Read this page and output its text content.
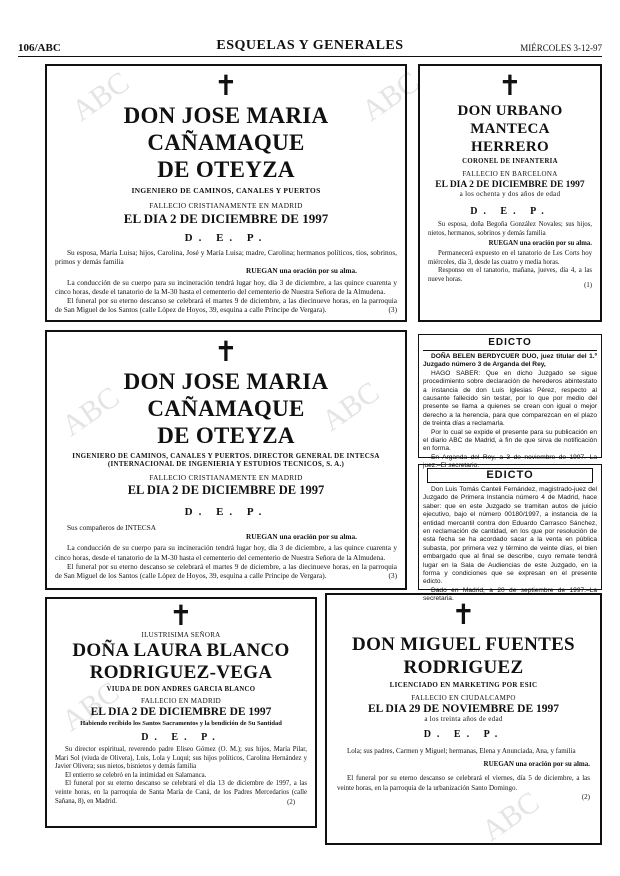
106/ABC	ESQUELAS Y GENERALES	MIÉRCOLES 3-12-97
ABC	ABC
ABC	ABC
ABC
ABC
✝
DON JOSE MARIA CAÑAMAQUE
DE OTEYZA
INGENIERO DE CAMINOS, CANALES Y PUERTOS
FALLECIO CRISTIANAMENTE EN MADRID
EL DIA 2 DE DICIEMBRE DE 1997
D. E. P.
Su esposa, María Luisa; hijos, Carolina, José y María Luisa; madre, Carolina; hermanos políticos, tíos, sobrinos, primos y demás familia
RUEGAN una oración por su alma.
La conducción de su cuerpo para su incineración tendrá lugar hoy, día 3 de diciembre, a las quince cuarenta y cinco horas, desde el tanatorio de la M-30 hasta el cementerio del cementerio de Nuestra Señora de la Almudena.
El funeral por su eterno descanso se celebrará el martes 9 de diciembre, a las diecinueve horas, en la parroquia de San Miguel de los Santos (calle López de Hoyos, 39, esquina a calle Príncipe de Vergara).	(3)
✝
DON URBANO MANTECA
HERRERO
CORONEL DE INFANTERIA
FALLECIO EN BARCELONA
EL DIA 2 DE DICIEMBRE DE 1997
a los ochenta y dos años de edad
D. E. P.
Su esposa, doña Begoña González Novales; sus hijos, nietos, hermanos, sobrinos y demás familia
RUEGAN una oración por su alma.
Permanecerá expuesto en el tanatorio de Les Corts hoy miércoles, día 3, desde las cuatro y media horas.
Responso en el tanatorio, mañana, jueves, día 4, a las nueve horas.
(1)
✝
DON JOSE MARIA CAÑAMAQUE
DE OTEYZA
INGENIERO DE CAMINOS, CANALES Y PUERTOS. DIRECTOR GENERAL DE INTECSA
(INTERNACIONAL DE INGENIERIA Y ESTUDIOS TECNICOS, S. A.)
FALLECIO CRISTIANAMENTE EN MADRID
EL DIA 2 DE DICIEMBRE DE 1997
D. E. P.
Sus compañeros de INTECSA
RUEGAN una oración por su alma.
La conducción de su cuerpo para su incineración tendrá lugar hoy, día 3 de diciembre, a las quince cuarenta y cinco horas, desde el tanatorio de la M-30 hasta el cementerio del cementerio de Nuestra Señora de la Almudena.
El funeral por su eterno descanso se celebrará el martes 9 de diciembre, a las diecinueve horas, en la parroquia de San Miguel de los Santos (calle López de Hoyos, 39, esquina a calle Príncipe de Vergara).	(3)
EDICTO
DOÑA BELEN BERDYCUER DUO, juez titular del 1.º Juzgado número 3 de Arganda del Rey,
HAGO SABER: Que en dicho Juzgado se sigue procedimiento sobre declaración de herederos abintestato a instancia de don Luis Iglesias Pérez, respecto al causante fallecido sin testar, por lo que por medio del presente se llama a quienes se crean con igual o mejor derecho a la herencia, para que comparezcan en el plazo de treinta días a reclamarla.
Por lo cual se expide el presente para su publicación en el diario ABC de Madrid, a fin de que sirva de notificación en forma.
En Arganda del Rey, a 3 de noviembre de 1997.–La juez.–El secretario.
EDICTO
Don Luis Tomás Canteli Fernández, magistrado-juez del Juzgado de Primera Instancia número 4 de Madrid, hace saber: que en este Juzgado se tramitan autos de juicio ejecutivo, bajo el número 00180/1997, a instancia de la entidad mercantil contra don Eduardo Carrasco Sánchez, en reclamación de cantidad, en los que por resolución de esta fecha se ha acordado sacar a la venta en pública subasta, por primera vez y término de veinte días, el bien embargado que al final se describe, cuyo remate tendrá lugar en la Sala de Audiencias de este Juzgado, en la forma y condiciones que se expresan en el presente edicto.
Dado en Madrid, a 20 de septiembre de 1997.–La secretaria.
✝
ILUSTRISIMA SEÑORA
DOÑA LAURA BLANCO
RODRIGUEZ-VEGA
VIUDA DE DON ANDRES GARCIA BLANCO
FALLECIO EN MADRID
EL DIA 2 DE DICIEMBRE DE 1997
Habiendo recibido los Santos Sacramentos y la bendición de Su Santidad
D. E. P.
Su director espiritual, reverendo padre Eliseo Gómez (O. M.); sus hijos, María Pilar, Mari Sol (viuda de Olivera), Luis, Lola y Luqui; sus hijos políticos, Carolina Hernández y Javier Olivera; sus nietos, bisnietos y demás familia
El entierro se celebró en la intimidad en Salamanca.
El funeral por su eterno descanso se celebrará el día 13 de diciembre de 1997, a las veinte horas, en la parroquia de Santa María de Caná, de los Padres Mercedarios (calle Sañana, 8), en Madrid.	(2)
✝
DON MIGUEL FUENTES
RODRIGUEZ
LICENCIADO EN MARKETING POR ESIC
FALLECIO EN CIUDALCAMPO
EL DIA 29 DE NOVIEMBRE DE 1997
a los treinta años de edad
D. E. P.
Lola; sus padres, Carmen y Miguel; hermanas, Elena y Anunciada, Ana, y familia
RUEGAN una oración por su alma.
El funeral por su eterno descanso se celebrará el viernes, día 5 de diciembre, a las veinte horas, en la parroquia de la urbanización Santo Domingo.
(2)
